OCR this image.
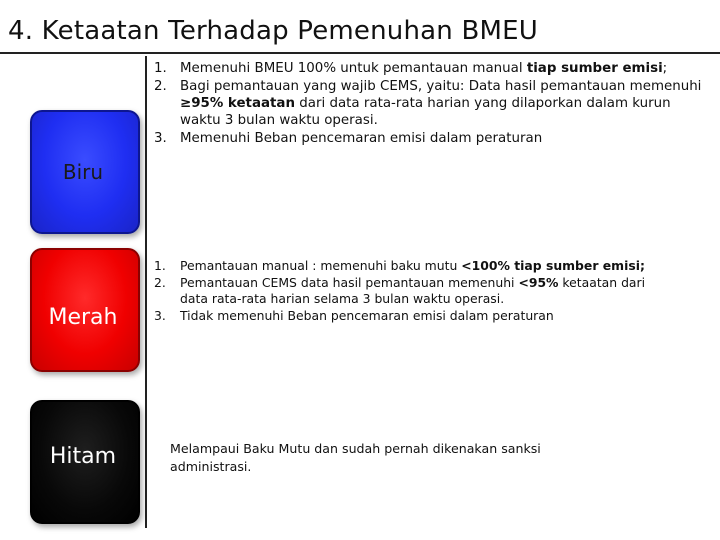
4. Ketaatan Terhadap Pemenuhan BMEU
Biru
Merah
Hitam
1. Memenuhi BMEU 100% untuk pemantauan manual tiap sumber emisi;
2. Bagi pemantauan yang wajib CEMS, yaitu: Data hasil pemantauan memenuhi ≥95% ketaatan dari data rata-rata harian yang dilaporkan dalam kurun waktu 3 bulan waktu operasi.
3. Memenuhi Beban pencemaran emisi dalam peraturan
1. Pemantauan manual : memenuhi baku mutu <100% tiap sumber emisi;
2. Pemantauan CEMS data hasil pemantauan memenuhi <95% ketaatan dari data rata-rata harian selama 3 bulan waktu operasi.
3. Tidak memenuhi Beban pencemaran emisi dalam peraturan
Melampaui Baku Mutu dan sudah pernah dikenakan sanksi administrasi.
